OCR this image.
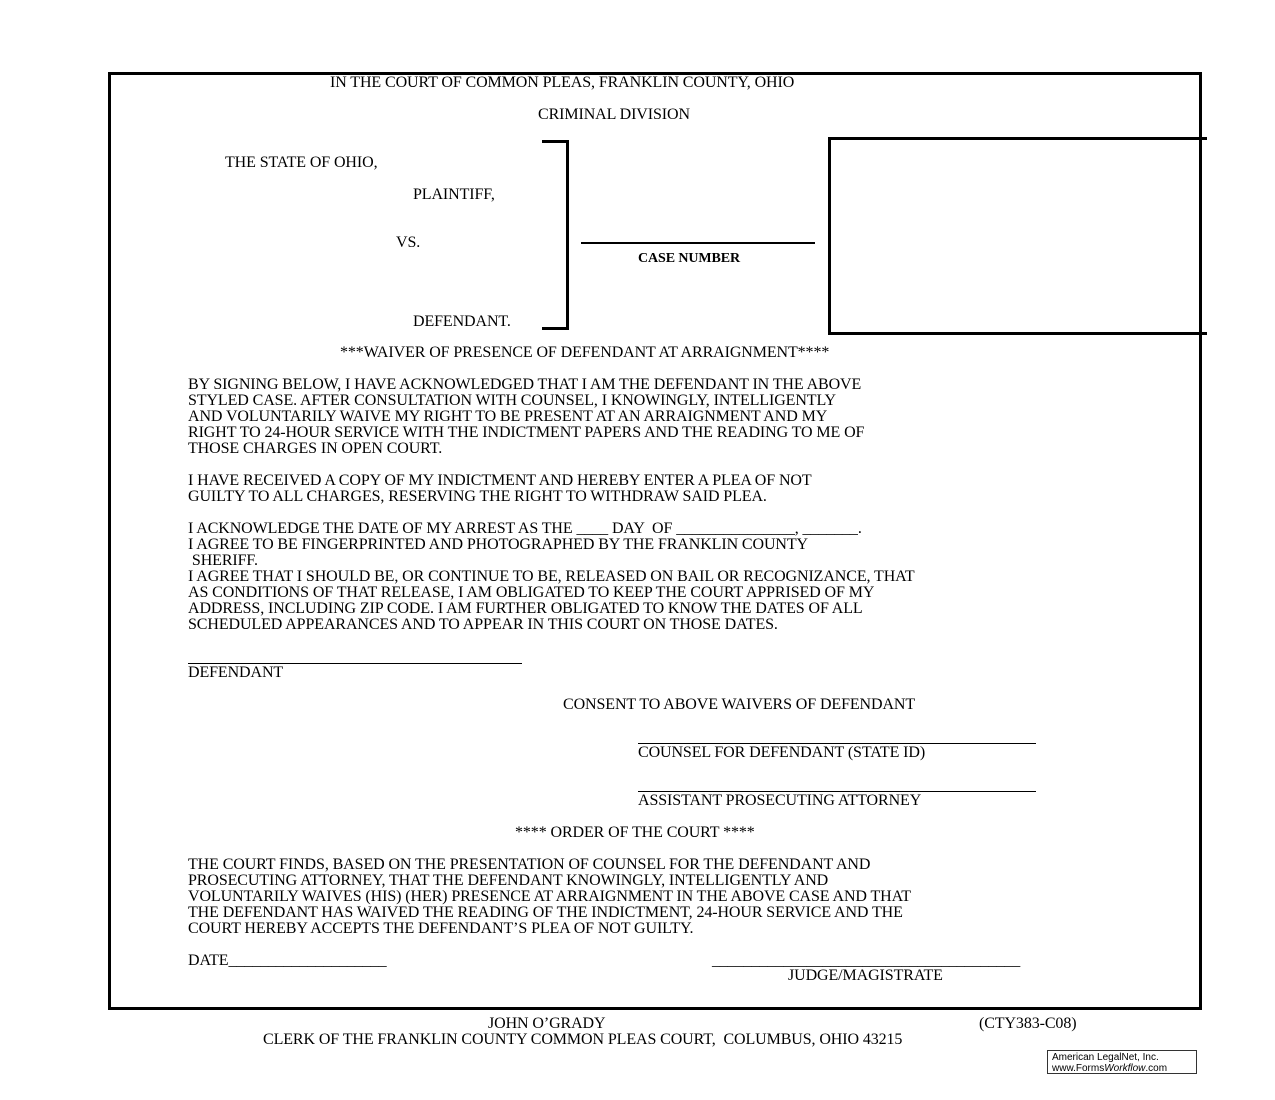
IN THE COURT OF COMMON PLEAS, FRANKLIN COUNTY, OHIO
CRIMINAL DIVISION
THE STATE OF OHIO,
PLAINTIFF,
VS.
DEFENDANT.
CASE NUMBER
***WAIVER OF PRESENCE OF DEFENDANT AT ARRAIGNMENT****
BY SIGNING BELOW, I HAVE ACKNOWLEDGED THAT I AM THE DEFENDANT IN THE ABOVE
STYLED CASE. AFTER CONSULTATION WITH COUNSEL, I KNOWINGLY, INTELLIGENTLY
AND VOLUNTARILY WAIVE MY RIGHT TO BE PRESENT AT AN ARRAIGNMENT AND MY
RIGHT TO 24-HOUR SERVICE WITH THE INDICTMENT PAPERS AND THE READING TO ME OF
THOSE CHARGES IN OPEN COURT.
I HAVE RECEIVED A COPY OF MY INDICTMENT AND HEREBY ENTER A PLEA OF NOT
GUILTY TO ALL CHARGES, RESERVING THE RIGHT TO WITHDRAW SAID PLEA.
I ACKNOWLEDGE THE DATE OF MY ARREST AS THE ____ DAY  OF _______________, _______.
I AGREE TO BE FINGERPRINTED AND PHOTOGRAPHED BY THE FRANKLIN COUNTY
SHERIFF.
I AGREE THAT I SHOULD BE, OR CONTINUE TO BE, RELEASED ON BAIL OR RECOGNIZANCE, THAT
AS CONDITIONS OF THAT RELEASE, I AM OBLIGATED TO KEEP THE COURT APPRISED OF MY
ADDRESS, INCLUDING ZIP CODE. I AM FURTHER OBLIGATED TO KNOW THE DATES OF ALL
SCHEDULED APPEARANCES AND TO APPEAR IN THIS COURT ON THOSE DATES.
DEFENDANT
CONSENT TO ABOVE WAIVERS OF DEFENDANT
COUNSEL FOR DEFENDANT (STATE ID)
ASSISTANT PROSECUTING ATTORNEY
**** ORDER OF THE COURT ****
THE COURT FINDS, BASED ON THE PRESENTATION OF COUNSEL FOR THE DEFENDANT AND
PROSECUTING ATTORNEY, THAT THE DEFENDANT KNOWINGLY, INTELLIGENTLY AND
VOLUNTARILY WAIVES (HIS) (HER) PRESENCE AT ARRAIGNMENT IN THE ABOVE CASE AND THAT
THE DEFENDANT HAS WAIVED THE READING OF THE INDICTMENT, 24-HOUR SERVICE AND THE
COURT HEREBY ACCEPTS THE DEFENDANT’S PLEA OF NOT GUILTY.
DATE____________________	_______________________________________
JUDGE/MAGISTRATE
JOHN O’GRADY	(CTY383-C08)
CLERK OF THE FRANKLIN COUNTY COMMON PLEAS COURT,  COLUMBUS, OHIO 43215
American LegalNet, Inc.
www.FormsWorkflow.com
